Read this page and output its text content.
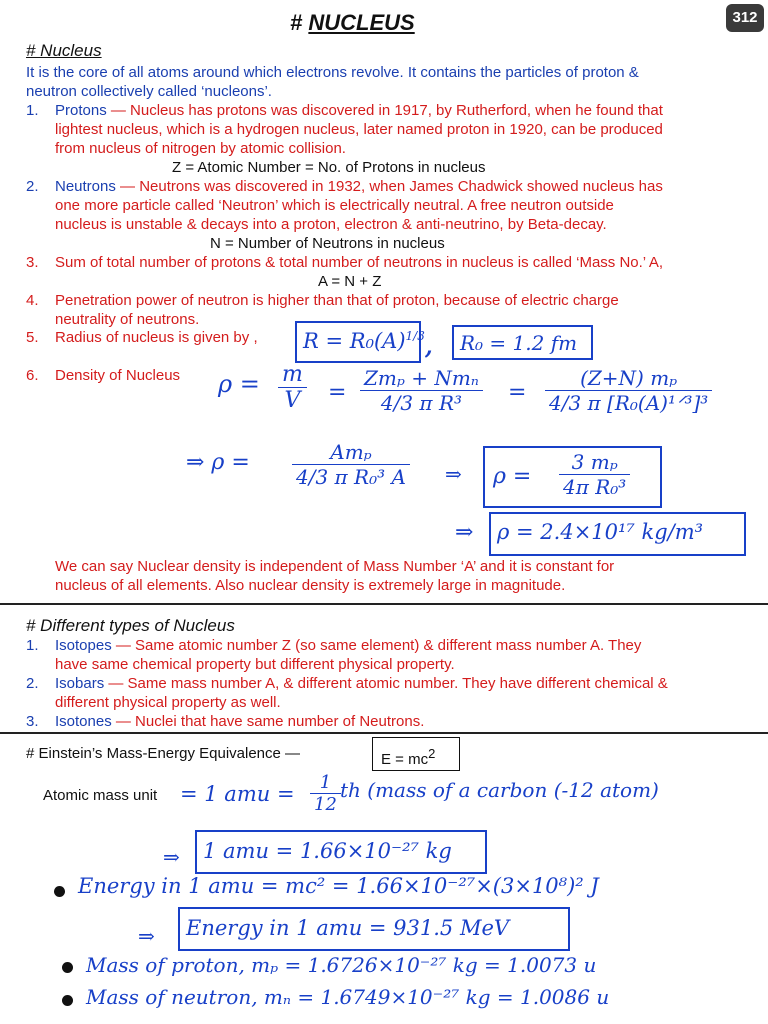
# NUCLEUS	312
# Nucleus
It is the core of all atoms around which electrons revolve. It contains the particles of proton &
neutron collectively called ‘nucleons’.
1. Protons — Nucleus has protons was discovered in 1917, by Rutherford, when he found that
lightest nucleus, which is a hydrogen nucleus, later named proton in 1920, can be produced
from nucleus of nitrogen by atomic collision.
Z = Atomic Number = No. of Protons in nucleus
2. Neutrons — Neutrons was discovered in 1932, when James Chadwick showed nucleus has
one more particle called ‘Neutron’ which is electrically neutral. A free neutron outside
nucleus is unstable & decays into a proton, electron & anti-neutrino, by Beta-decay.
N = Number of Neutrons in nucleus
3. Sum of total number of protons & total number of neutrons in nucleus is called ‘Mass No.’ A,
A = N + Z
4. Penetration power of neutron is higher than that of proton, because of electric charge
neutrality of neutrons.
5. Radius of nucleus is given by , $R = R_0(A)^{1/3}$ , R₀ = 1.2 fm
6. Density of Nucleus $\rho = \frac{m}{V} = \frac{\text{Zmₚ + Nmₙ}}{\text{4/3 π R³}} = \frac{\text{(Z+N) mₚ}}{\text{4/3 π [R₀(A)¹ᐟ³]³}}$
⇒ $\rho = \frac{\text{Amₚ}}{\text{4/3 π R₀³ A}}$ ⇒ $\rho = \frac{\text{3 mₚ}}{\text{4π R₀³}}$
⇒ ρ = 2.4×10¹⁷ kg/m³
We can say Nuclear density is independent of Mass Number ‘A’ and it is constant for
nucleus of all elements. Also nuclear density is extremely large in magnitude.
# Different types of Nucleus
1. Isotopes — Same atomic number Z (so same element) & different mass number A. They
have same chemical property but different physical property.
2. Isobars — Same mass number A, & different atomic number. They have different chemical &
different physical property as well.
3. Isotones — Nuclei that have same number of Neutrons.
# Einstein’s Mass-Energy Equivalence —	$E = mc^2$
Atomic mass unit = 1 amu = $\frac{1}{12}$ th (mass of a carbon (-12 atom)
⇒ 1 amu = 1.66×10⁻²⁷ kg
Energy in 1 amu = mc² = 1.66×10⁻²⁷×(3×10⁸)² J
⇒ Energy in 1 amu = 931.5 MeV
Mass of proton, mₚ = 1.6726×10⁻²⁷ kg = 1.0073 u
Mass of neutron, mₙ = 1.6749×10⁻²⁷ kg = 1.0086 u
